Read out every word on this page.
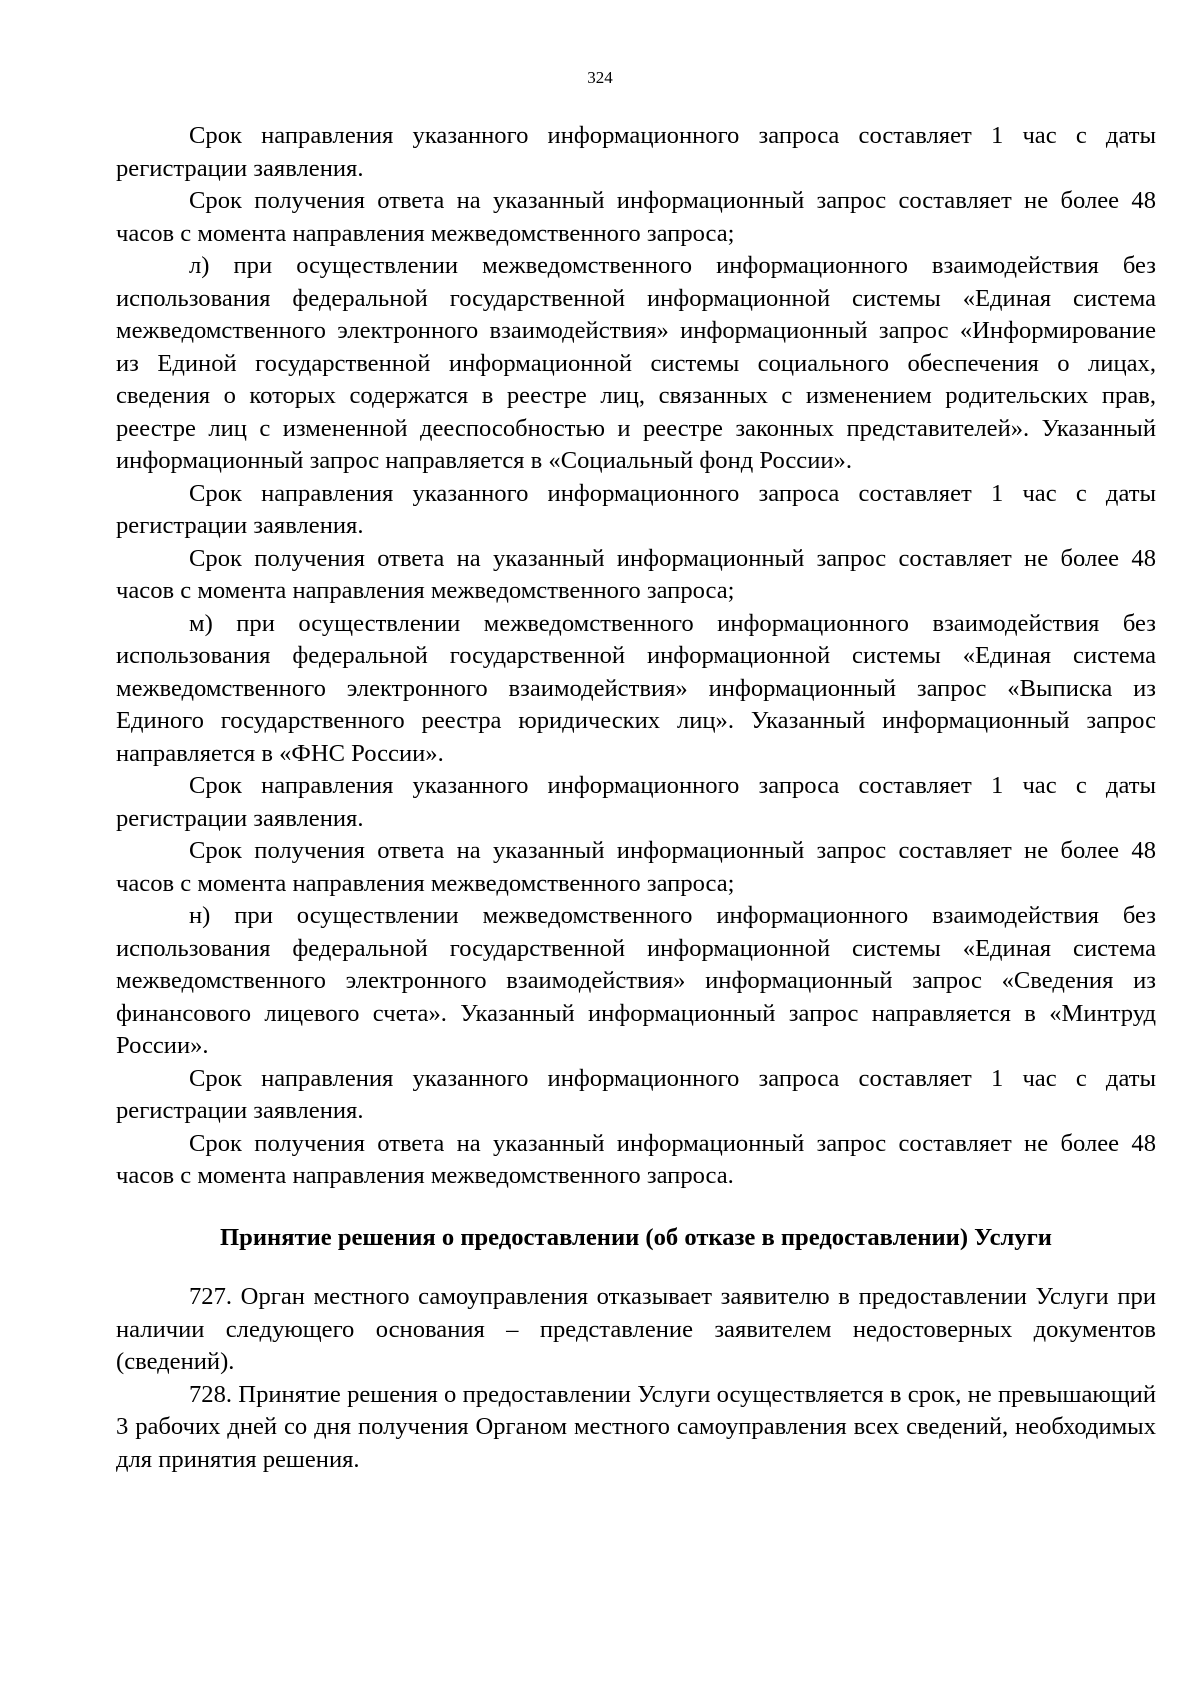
324

Срок направления указанного информационного запроса составляет 1 час с даты регистрации заявления.

Срок получения ответа на указанный информационный запрос составляет не более 48 часов с момента направления межведомственного запроса;

л) при осуществлении межведомственного информационного взаимодействия без использования федеральной государственной информационной системы «Единая система межведомственного электронного взаимодействия» информационный запрос «Информирование из Единой государственной информационной системы социального обеспечения о лицах, сведения о которых содержатся в реестре лиц, связанных с изменением родительских прав, реестре лиц с измененной дееспособностью и реестре законных представителей». Указанный информационный запрос направляется в «Социальный фонд России».

Срок направления указанного информационного запроса составляет 1 час с даты регистрации заявления.

Срок получения ответа на указанный информационный запрос составляет не более 48 часов с момента направления межведомственного запроса;

м) при осуществлении межведомственного информационного взаимодействия без использования федеральной государственной информационной системы «Единая система межведомственного электронного взаимодействия» информационный запрос «Выписка из Единого государственного реестра юридических лиц». Указанный информационный запрос направляется в «ФНС России».

Срок направления указанного информационного запроса составляет 1 час с даты регистрации заявления.

Срок получения ответа на указанный информационный запрос составляет не более 48 часов с момента направления межведомственного запроса;

н) при осуществлении межведомственного информационного взаимодействия без использования федеральной государственной информационной системы «Единая система межведомственного электронного взаимодействия» информационный запрос «Сведения из финансового лицевого счета». Указанный информационный запрос направляется в «Минтруд России».

Срок направления указанного информационного запроса составляет 1 час с даты регистрации заявления.

Срок получения ответа на указанный информационный запрос составляет не более 48 часов с момента направления межведомственного запроса.

Принятие решения о предоставлении (об отказе в предоставлении) Услуги

727. Орган местного самоуправления отказывает заявителю в предоставлении Услуги при наличии следующего основания – представление заявителем недостоверных документов (сведений).

728. Принятие решения о предоставлении Услуги осуществляется в срок, не превышающий 3 рабочих дней со дня получения Органом местного самоуправления всех сведений, необходимых для принятия решения.
